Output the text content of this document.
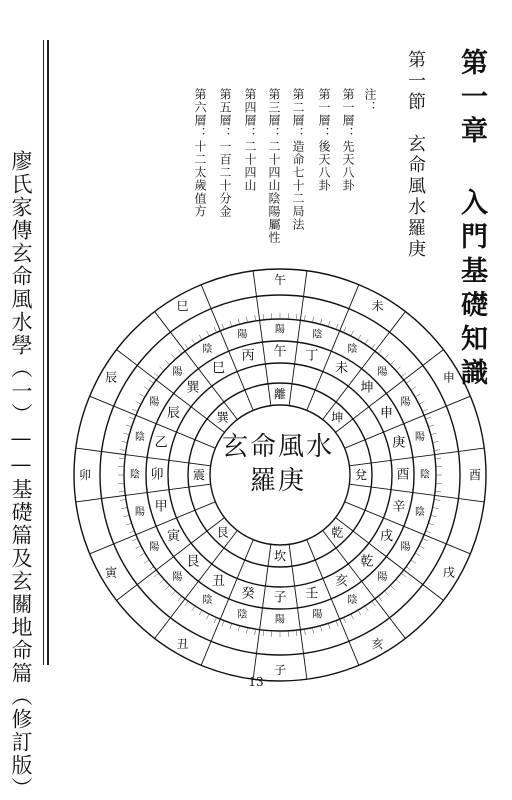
廖氏家傳玄命風水學（一）——基礎篇及玄關地命篇（修訂版）	第一章 入門基礎知識
第一節　玄命風水羅庚
注：
第一層：先天八卦
第一層：後天八卦
第二層：造命七十二局法
第三層：二十四山陰陽屬性
第四層：二十四山
第五層：一百二十分金
第六層：十二太歲值方
子
陽
癸
陰
丑
陰
艮
陽
寅
陽
甲
陽
卯
陰
乙
陰
辰
陽
巽
陽 巳
陰 丙
陽
午
陽
丁
陰
未
陰
坤
陽
申
陽
庚 陽
酉 陰
辛 陰
戌
陽
乾
陽
亥
陰
壬
陽
坎
艮
震
巽
離
坤
兌
乾
子
丑
寅
卯
辰
巳
午
未
申
酉
戌
亥
玄命風水
羅庚
13
